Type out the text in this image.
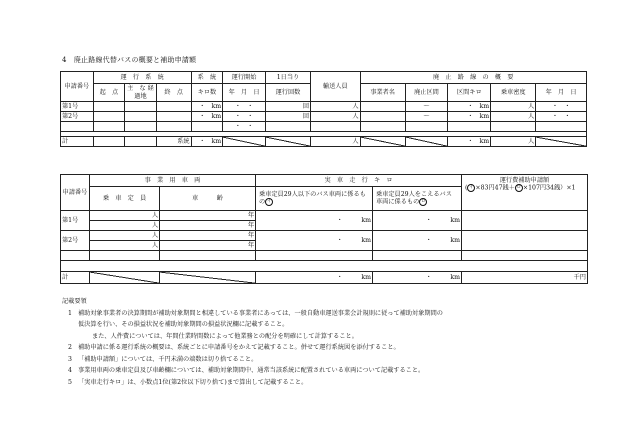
4　廃止路線代替バスの概要と補助申請額
申請番号	運　行　系　統			系　統	運行開始	1日当り	輸送人員	廃　止　路　線　の　概　要				
	起　点	主　な 経過地	終　点	キロ数	年　月　日	運行回数		事業者名	廃止区間	区間キロ	乗車密度	年　月　日
第1号				・　km	・　・	回	人		〜	・　km	人	・　・
第2号				・　km	・　・	回	人		〜	・　km	人	・　・
					・　・							

計			系統	・　km			人			・　km	人	
申請番号	事　業　用　車　両		実　車　走　行　キ　ロ		運行費補助申請額
( イ ×83円47銭＋ ロ ×107円34銭）×1

	乗　車　定　員	車　　　齢	乗車定員29人以下のバス車両に係るもの イ	乗車定員29人をこえるバス車両に係るもの ロ	
第1号	人	年	・　　　km	・　　　km	
	人	年			
第2号	人	年	・　　　km	・　　　km	
	人	年			

計			・　　　km	・　　　km	千円
記載要領
1 補助対象事業者の決算期間が補助対象期間と相違している事業者にあっては、一般自動車運送事業会計規則に従って補助対象期間の
仮決算を行い、その損益状況を補助対象期間の損益状況欄に記載すること。
また、人件費については、年間仕業時間数によって他業務との配分を明確にして計算すること。
2 補助申請に係る運行系統の概要は、系統ごとに申請番号をかえて記載すること。併せて運行系統図を添付すること。
3 「補助申請額」については、千円未満の端数は切り捨てること。
4 事業用車両の乗車定員及び車齢欄については、補助対象期間中、通常当該系統に配置されている車両について記載すること。
5 「実車走行キロ」は、小数点1位(第2位以下切り捨て)まで算出して記載すること。
